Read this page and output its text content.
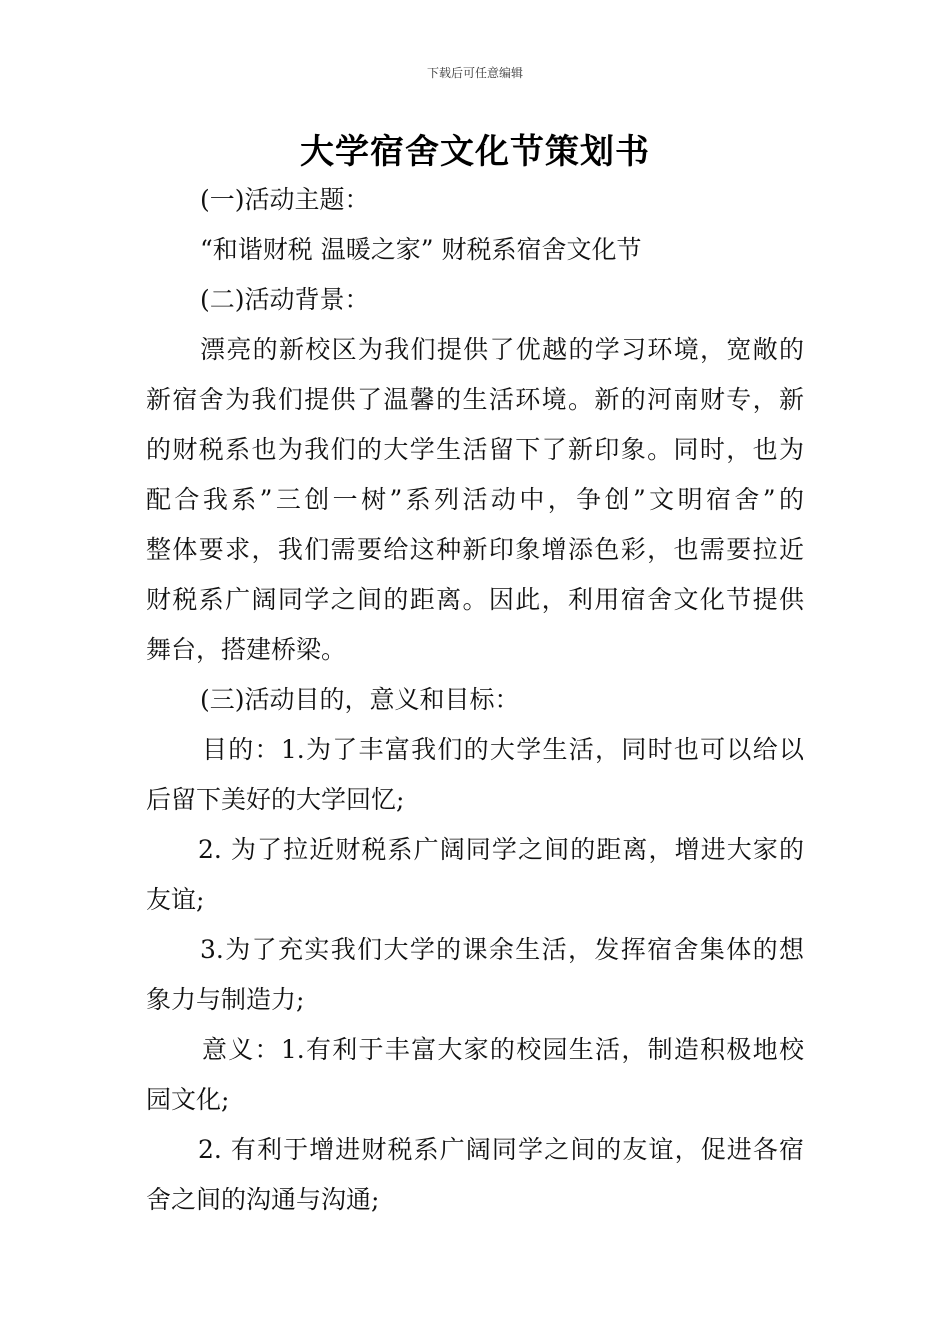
下载后可任意编辑
大学宿舍文化节策划书
(一)活动主题：
“和谐财税 温暖之家” 财税系宿舍文化节
(二)活动背景：
漂亮的新校区为我们提供了优越的学习环境，宽敞的
新宿舍为我们提供了温馨的生活环境。新的河南财专，新
的财税系也为我们的大学生活留下了新印象。同时，也为
配合我系”三创一树”系列活动中，争创”文明宿舍”的
整体要求，我们需要给这种新印象增添色彩，也需要拉近
财税系广阔同学之间的距离。因此，利用宿舍文化节提供
舞台，搭建桥梁。
(三)活动目的，意义和目标：
目的：1.为了丰富我们的大学生活，同时也可以给以
后留下美好的大学回忆;
2. 为了拉近财税系广阔同学之间的距离，增进大家的
友谊;
3.为了充实我们大学的课余生活，发挥宿舍集体的想
象力与制造力;
意义：1.有利于丰富大家的校园生活，制造积极地校
园文化;
2. 有利于增进财税系广阔同学之间的友谊，促进各宿
舍之间的沟通与沟通;
